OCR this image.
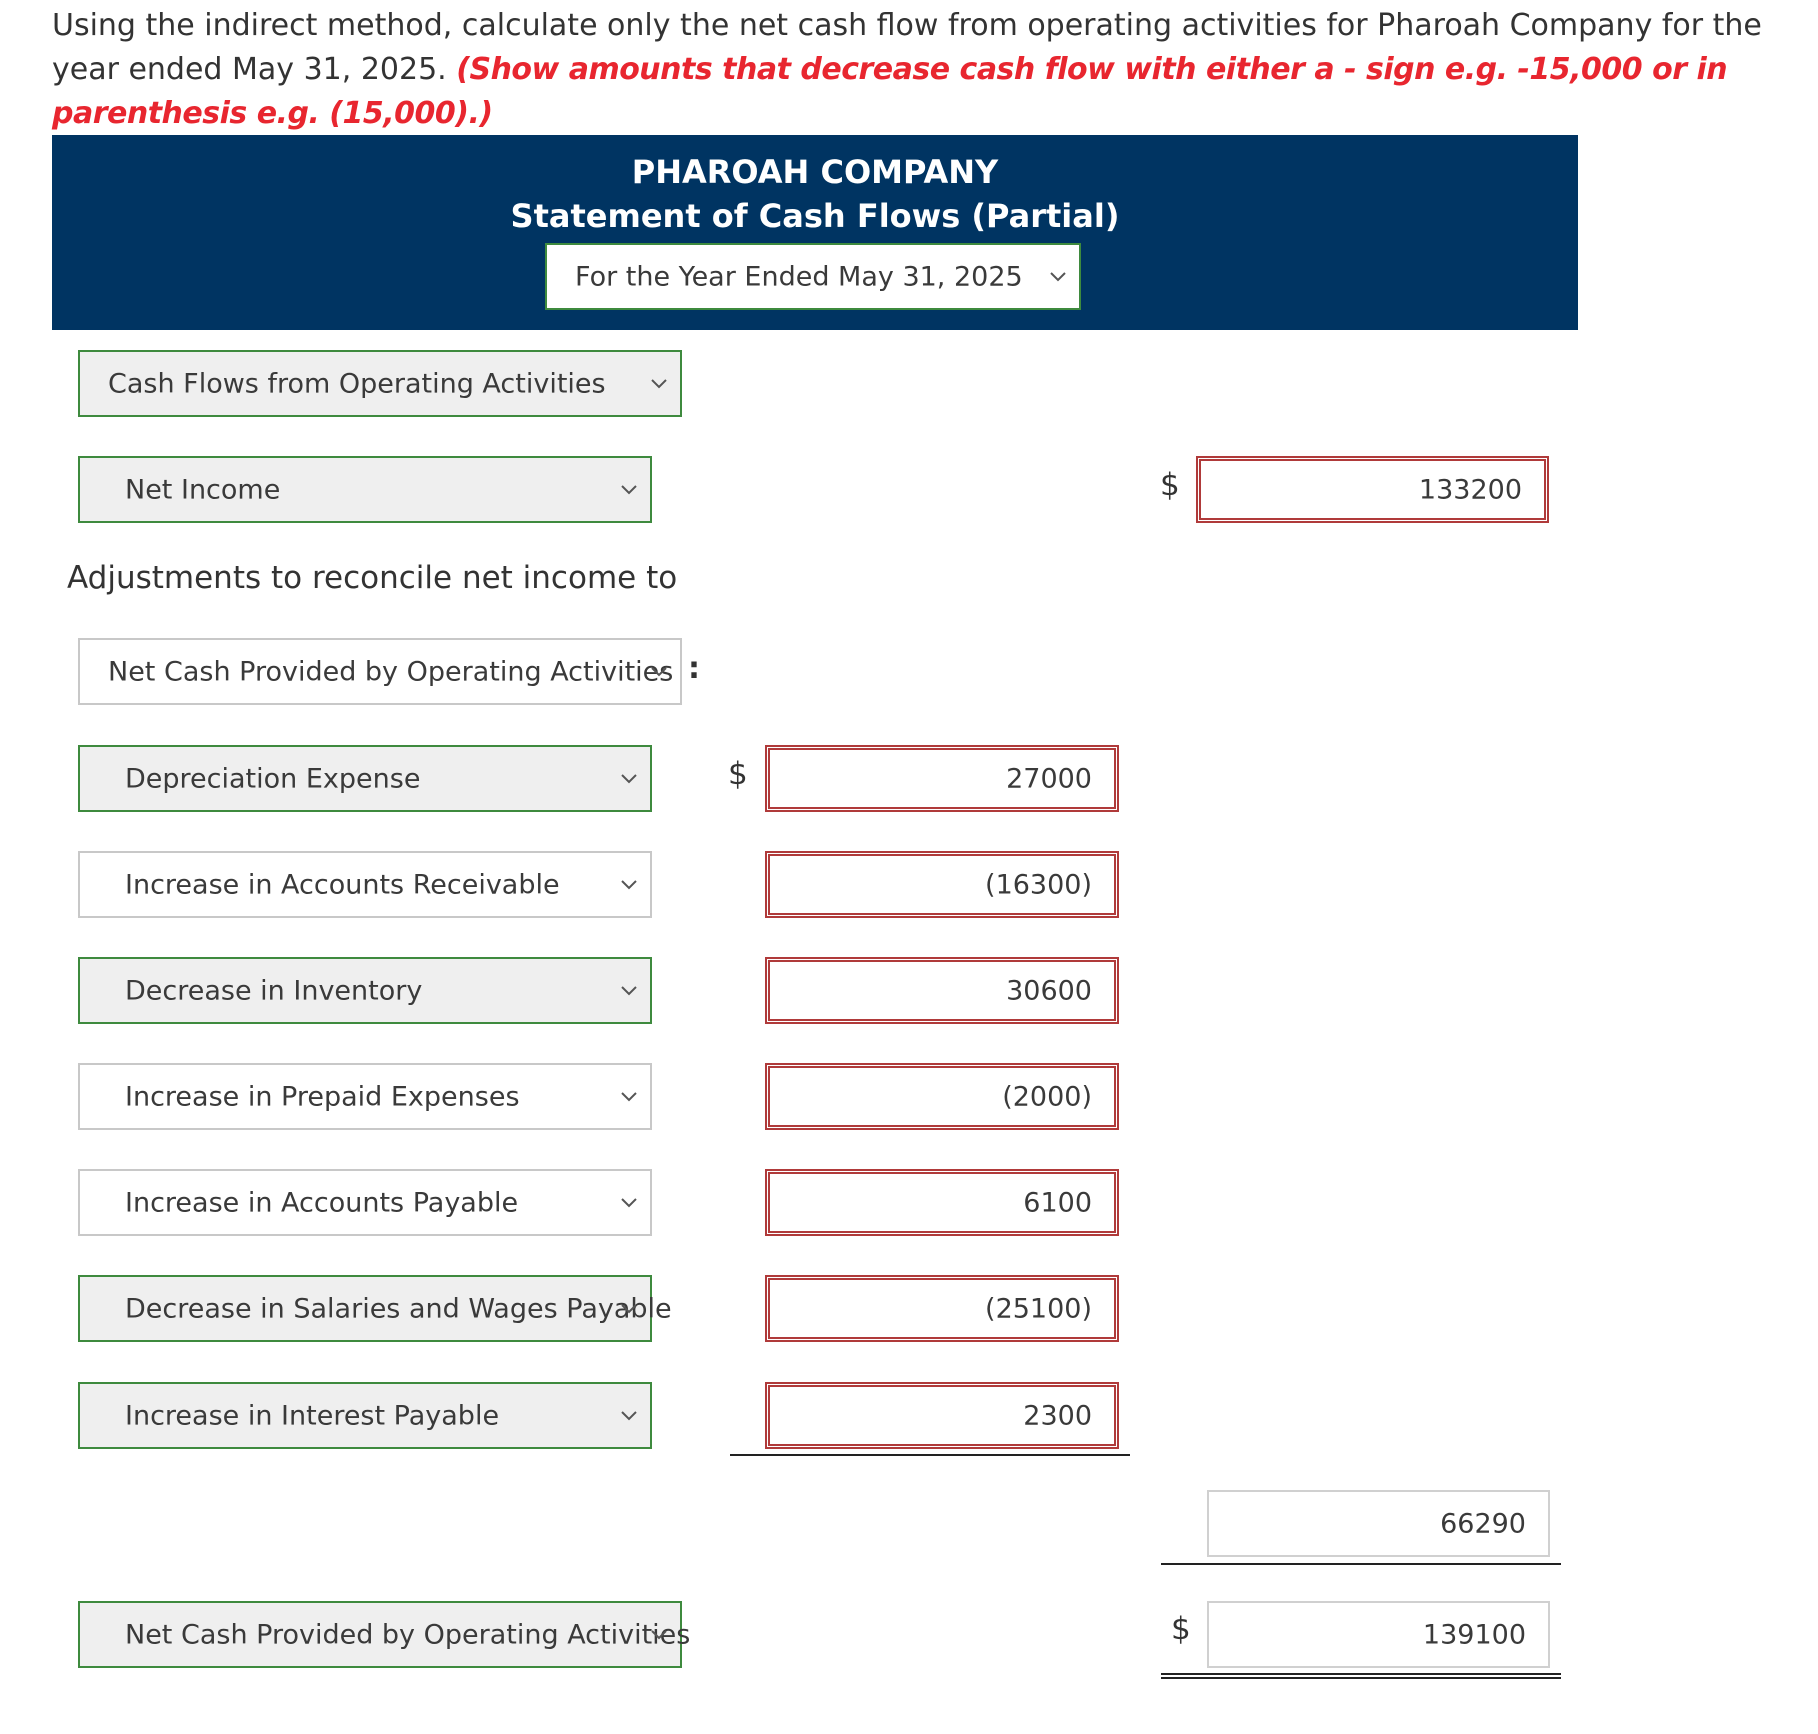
Using the indirect method, calculate only the net cash flow from operating activities for Pharoah Company for the year ended May 31, 2025. (Show amounts that decrease cash flow with either a - sign e.g. -15,000 or in parenthesis e.g. (15,000).)
PHAROAH COMPANY
Statement of Cash Flows (Partial)
For the Year Ended May 31, 2025
Cash Flows from Operating Activities
Net Income	$	133200
Adjustments to reconcile net income to
Net Cash Provided by Operating Activities :
Depreciation Expense	$	27000
Increase in Accounts Receivable	(16300)
Decrease in Inventory	30600
Increase in Prepaid Expenses	(2000)
Increase in Accounts Payable	6100
Decrease in Salaries and Wages Payable	(25100)
Increase in Interest Payable	2300
66290
Net Cash Provided by Operating Activities	$	139100
